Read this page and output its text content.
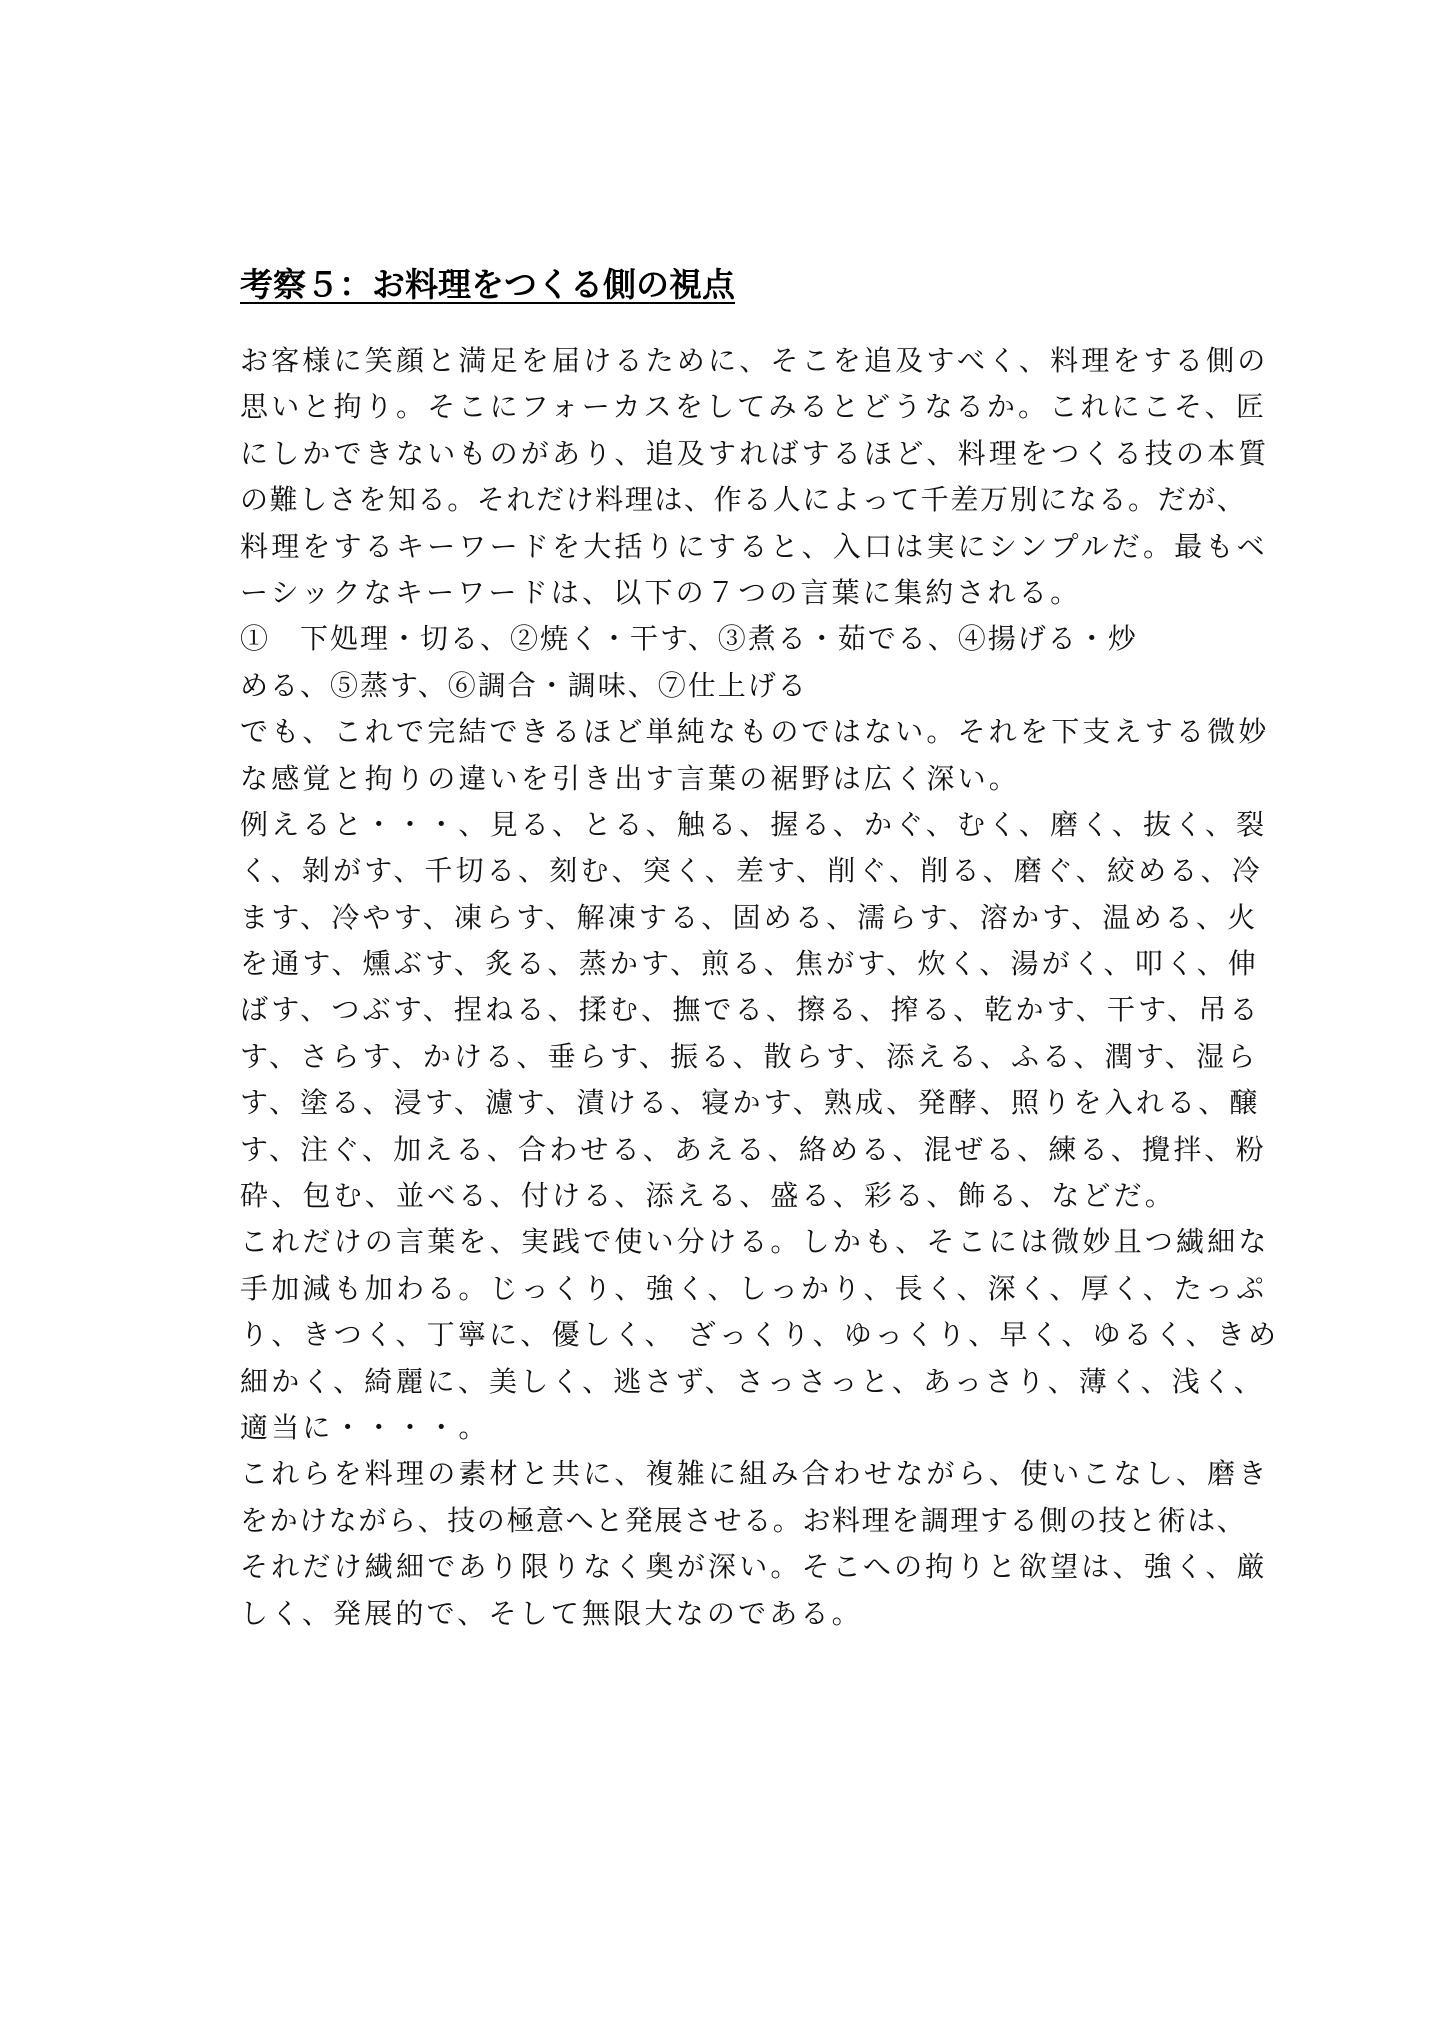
考察５：お料理をつくる側の視点
お客様に笑顔と満足を届けるために、そこを追及すべく、料理をする側の
思いと拘り。そこにフォーカスをしてみるとどうなるか。これにこそ、匠
にしかできないものがあり、追及すればするほど、料理をつくる技の本質
の難しさを知る。それだけ料理は、作る人によって千差万別になる。だが、
料理をするキーワードを大括りにすると、入口は実にシンプルだ。最もベ
ーシックなキーワードは、以下の７つの言葉に集約される。
①　下処理・切る、②焼く・干す、③煮る・茹でる、④揚げる・炒
める、⑤蒸す、⑥調合・調味、⑦仕上げる
でも、これで完結できるほど単純なものではない。それを下支えする微妙
な感覚と拘りの違いを引き出す言葉の裾野は広く深い。
例えると・・・、見る、とる、触る、握る、かぐ、むく、磨く、抜く、裂
く、剝がす、千切る、刻む、突く、差す、削ぐ、削る、磨ぐ、絞める、冷
ます、冷やす、凍らす、解凍する、固める、濡らす、溶かす、温める、火
を通す、燻ぶす、炙る、蒸かす、煎る、焦がす、炊く、湯がく、叩く、伸
ばす、つぶす、捏ねる、揉む、撫でる、擦る、搾る、乾かす、干す、吊る
す、さらす、かける、垂らす、振る、散らす、添える、ふる、潤す、湿ら
す、塗る、浸す、濾す、漬ける、寝かす、熟成、発酵、照りを入れる、醸
す、注ぐ、加える、合わせる、あえる、絡める、混ぜる、練る、攪拌、粉
砕、包む、並べる、付ける、添える、盛る、彩る、飾る、などだ。
これだけの言葉を、実践で使い分ける。しかも、そこには微妙且つ繊細な
手加減も加わる。じっくり、強く、しっかり、長く、深く、厚く、たっぷ
り、きつく、丁寧に、優しく、 ざっくり、ゆっくり、早く、ゆるく、きめ
細かく、綺麗に、美しく、逃さず、さっさっと、あっさり、薄く、浅く、
適当に・・・・。
これらを料理の素材と共に、複雑に組み合わせながら、使いこなし、磨き
をかけながら、技の極意へと発展させる。お料理を調理する側の技と術は、
それだけ繊細であり限りなく奥が深い。そこへの拘りと欲望は、強く、厳
しく、発展的で、そして無限大なのである。
